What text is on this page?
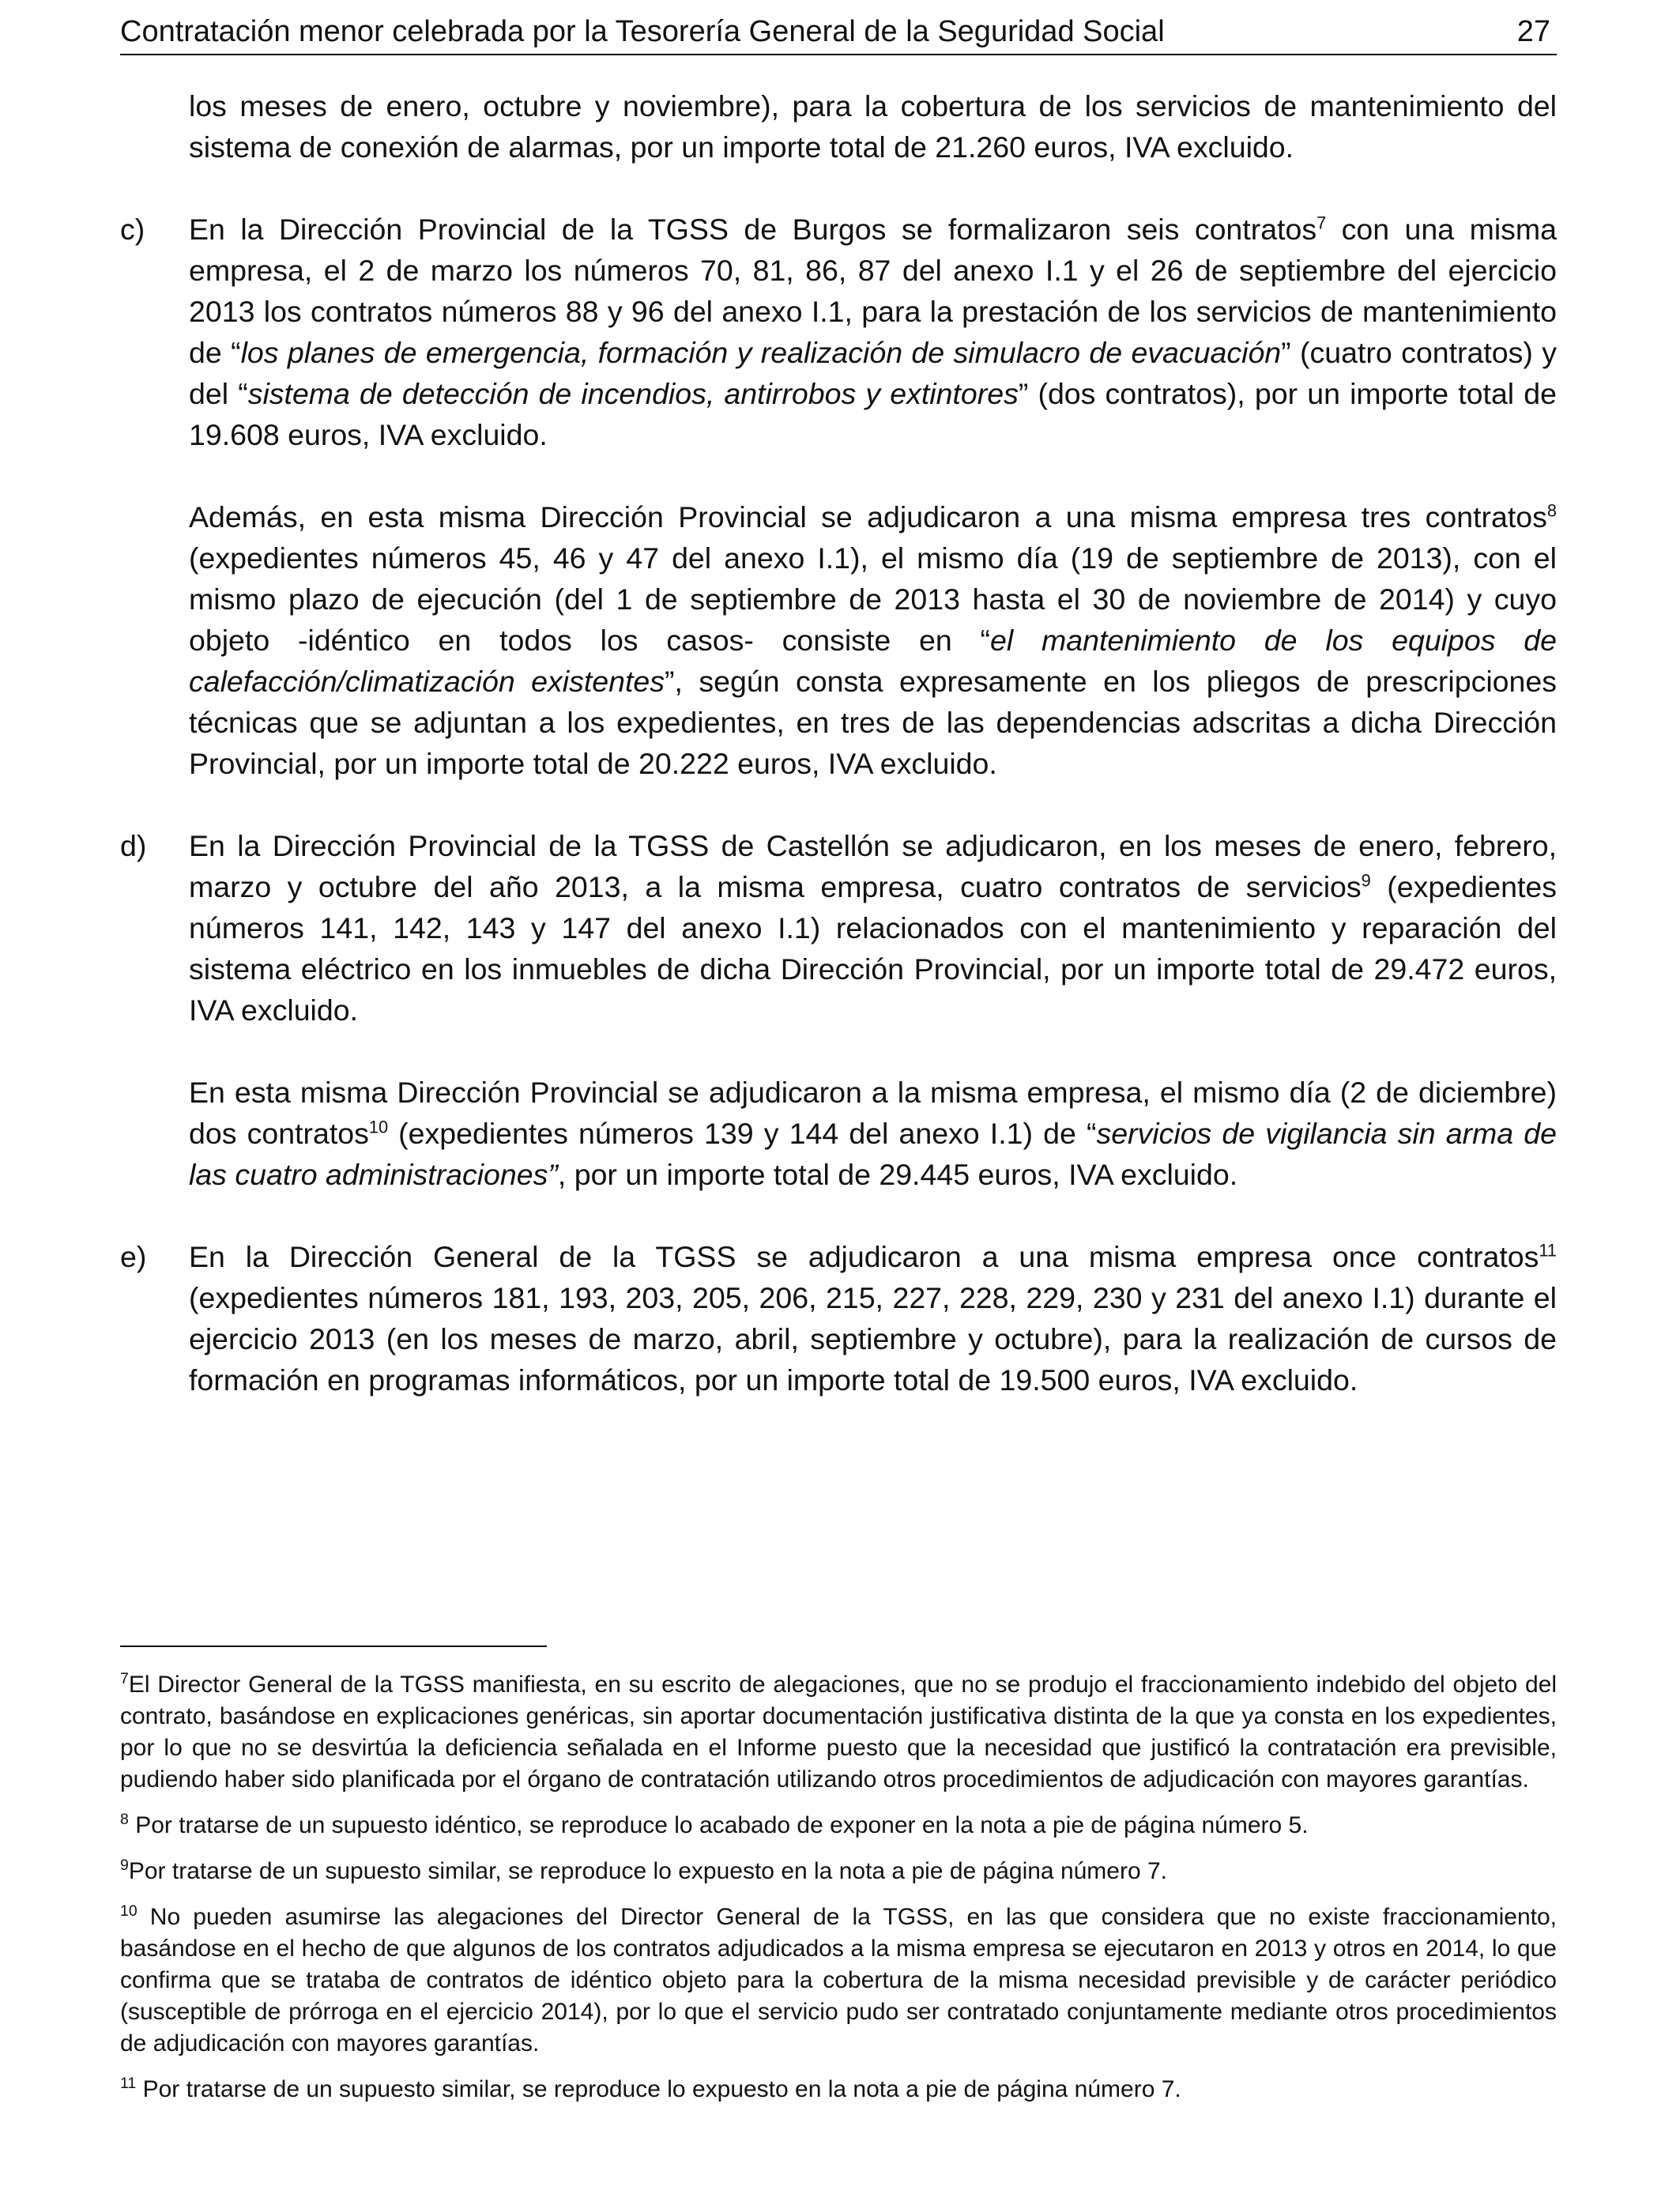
Contratación menor celebrada por la Tesorería General de la Seguridad Social	27

los meses de enero, octubre y noviembre), para la cobertura de los servicios de mantenimiento del sistema de conexión de alarmas, por un importe total de 21.260 euros, IVA excluido.

c)	En la Dirección Provincial de la TGSS de Burgos se formalizaron seis contratos$^7$ con una misma empresa, el 2 de marzo los números 70, 81, 86, 87 del anexo I.1 y el 26 de septiembre del ejercicio 2013 los contratos números 88 y 96 del anexo I.1, para la prestación de los servicios de mantenimiento de “los planes de emergencia, formación y realización de simulacro de evacuación” (cuatro contratos) y del “sistema de detección de incendios, antirrobos y extintores” (dos contratos), por un importe total de 19.608 euros, IVA excluido.
Además, en esta misma Dirección Provincial se adjudicaron a una misma empresa tres contratos$^8$ (expedientes números 45, 46 y 47 del anexo I.1), el mismo día (19 de septiembre de 2013), con el mismo plazo de ejecución (del 1 de septiembre de 2013 hasta el 30 de noviembre de 2014) y cuyo objeto -idéntico en todos los casos- consiste en “el mantenimiento de los equipos de calefacción/climatización existentes”, según consta expresamente en los pliegos de prescripciones técnicas que se adjuntan a los expedientes, en tres de las dependencias adscritas a dicha Dirección Provincial, por un importe total de 20.222 euros, IVA excluido.
d)	En la Dirección Provincial de la TGSS de Castellón se adjudicaron, en los meses de enero, febrero, marzo y octubre del año 2013, a la misma empresa, cuatro contratos de servicios$^9$ (expedientes números 141, 142, 143 y 147 del anexo I.1) relacionados con el mantenimiento y reparación del sistema eléctrico en los inmuebles de dicha Dirección Provincial, por un importe total de 29.472 euros, IVA excluido.
En esta misma Dirección Provincial se adjudicaron a la misma empresa, el mismo día (2 de diciembre) dos contratos$^{10}$ (expedientes números 139 y 144 del anexo I.1) de “servicios de vigilancia sin arma de las cuatro administraciones”, por un importe total de 29.445 euros, IVA excluido.
e)	En la Dirección General de la TGSS se adjudicaron a una misma empresa once contratos$^{11}$ (expedientes números 181, 193, 203, 205, 206, 215, 227, 228, 229, 230 y 231 del anexo I.1) durante el ejercicio 2013 (en los meses de marzo, abril, septiembre y octubre), para la realización de cursos de formación en programas informáticos, por un importe total de 19.500 euros, IVA excluido.
$^7$El Director General de la TGSS manifiesta, en su escrito de alegaciones, que no se produjo el fraccionamiento indebido del objeto del contrato, basándose en explicaciones genéricas, sin aportar documentación justificativa distinta de la que ya consta en los expedientes, por lo que no se desvirtúa la deficiencia señalada en el Informe puesto que la necesidad que justificó la contratación era previsible, pudiendo haber sido planificada por el órgano de contratación utilizando otros procedimientos de adjudicación con mayores garantías.
$^8$ Por tratarse de un supuesto idéntico, se reproduce lo acabado de exponer en la nota a pie de página número 5.
$^9$Por tratarse de un supuesto similar, se reproduce lo expuesto en la nota a pie de página número 7.
$^{10}$ No pueden asumirse las alegaciones del Director General de la TGSS, en las que considera que no existe fraccionamiento, basándose en el hecho de que algunos de los contratos adjudicados a la misma empresa se ejecutaron en 2013 y otros en 2014, lo que confirma que se trataba de contratos de idéntico objeto para la cobertura de la misma necesidad previsible y de carácter periódico (susceptible de prórroga en el ejercicio 2014), por lo que el servicio pudo ser contratado conjuntamente mediante otros procedimientos de adjudicación con mayores garantías.
$^{11}$ Por tratarse de un supuesto similar, se reproduce lo expuesto en la nota a pie de página número 7.
